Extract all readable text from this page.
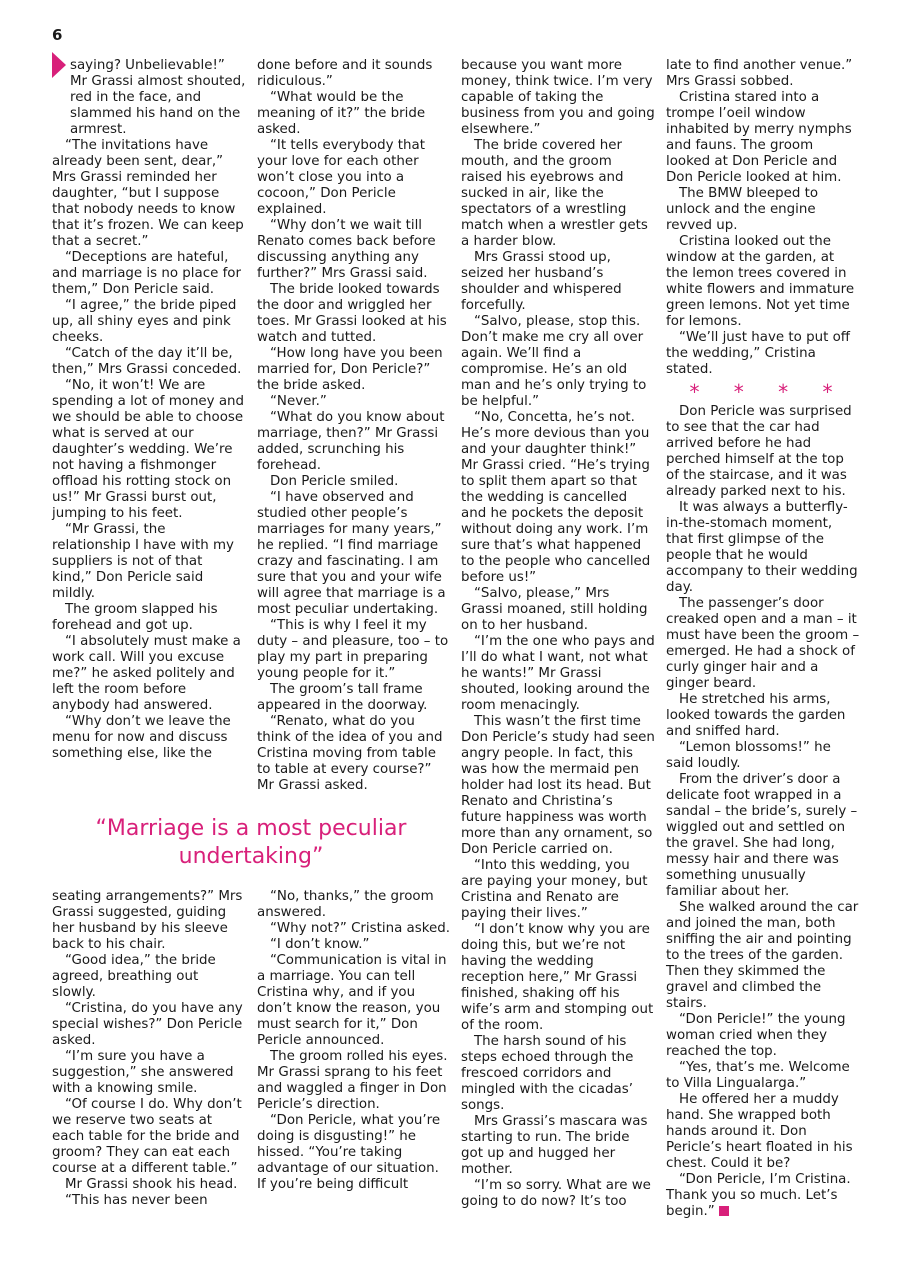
6

saying? Unbelievable!” Mr Grassi almost shouted, red in the face, and slammed his hand on the armrest.

“The invitations have already been sent, dear,” Mrs Grassi reminded her daughter, “but I suppose that nobody needs to know that it’s frozen. We can keep that a secret.”

“Deceptions are hateful, and marriage is no place for them,” Don Pericle said.

“I agree,” the bride piped up, all shiny eyes and pink cheeks.

“Catch of the day it’ll be, then,” Mrs Grassi conceded.

“No, it won’t! We are spending a lot of money and we should be able to choose what is served at our daughter’s wedding. We’re not having a fishmonger offload his rotting stock on us!” Mr Grassi burst out, jumping to his feet.

“Mr Grassi, the relationship I have with my suppliers is not of that kind,” Don Pericle said mildly.

The groom slapped his forehead and got up.

“I absolutely must make a work call. Will you excuse me?” he asked politely and left the room before anybody had answered.

“Why don’t we leave the menu for now and discuss something else, like the

done before and it sounds ridiculous.”

“What would be the meaning of it?” the bride asked.

“It tells everybody that your love for each other won’t close you into a cocoon,” Don Pericle explained.

“Why don’t we wait till Renato comes back before discussing anything any further?” Mrs Grassi said.

The bride looked towards the door and wriggled her toes. Mr Grassi looked at his watch and tutted.

“How long have you been married for, Don Pericle?” the bride asked.

“Never.”

“What do you know about marriage, then?” Mr Grassi added, scrunching his forehead.

Don Pericle smiled.

“I have observed and studied other people’s marriages for many years,” he replied. “I find marriage crazy and fascinating. I am sure that you and your wife will agree that marriage is a most peculiar undertaking.

“This is why I feel it my duty – and pleasure, too – to play my part in preparing young people for it.”

The groom’s tall frame appeared in the doorway.

“Renato, what do you think of the idea of you and Cristina moving from table to table at every course?” Mr Grassi asked.

“Marriage is a most peculiar undertaking”

seating arrangements?” Mrs Grassi suggested, guiding her husband by his sleeve back to his chair.

“Good idea,” the bride agreed, breathing out slowly.

“Cristina, do you have any special wishes?” Don Pericle asked.

“I’m sure you have a suggestion,” she answered with a knowing smile.

“Of course I do. Why don’t we reserve two seats at each table for the bride and groom? They can eat each course at a different table.”

Mr Grassi shook his head.

“This has never been

“No, thanks,” the groom answered.

“Why not?” Cristina asked.

“I don’t know.”

“Communication is vital in a marriage. You can tell Cristina why, and if you don’t know the reason, you must search for it,” Don Pericle announced.

The groom rolled his eyes. Mr Grassi sprang to his feet and waggled a finger in Don Pericle’s direction.

“Don Pericle, what you’re doing is disgusting!” he hissed. “You’re taking advantage of our situation. If you’re being difficult

because you want more money, think twice. I’m very capable of taking the business from you and going elsewhere.”

The bride covered her mouth, and the groom raised his eyebrows and sucked in air, like the spectators of a wrestling match when a wrestler gets a harder blow.

Mrs Grassi stood up, seized her husband’s shoulder and whispered forcefully.

“Salvo, please, stop this. Don’t make me cry all over again. We’ll find a compromise. He’s an old man and he’s only trying to be helpful.”

“No, Concetta, he’s not. He’s more devious than you and your daughter think!” Mr Grassi cried. “He’s trying to split them apart so that the wedding is cancelled and he pockets the deposit without doing any work. I’m sure that’s what happened to the people who cancelled before us!”

“Salvo, please,” Mrs Grassi moaned, still holding on to her husband.

“I’m the one who pays and I’ll do what I want, not what he wants!” Mr Grassi shouted, looking around the room menacingly.

This wasn’t the first time Don Pericle’s study had seen angry people. In fact, this was how the mermaid pen holder had lost its head. But Renato and Christina’s future happiness was worth more than any ornament, so Don Pericle carried on.

“Into this wedding, you are paying your money, but Cristina and Renato are paying their lives.”

“I don’t know why you are doing this, but we’re not having the wedding reception here,” Mr Grassi finished, shaking off his wife’s arm and stomping out of the room.

The harsh sound of his steps echoed through the frescoed corridors and mingled with the cicadas’ songs.

Mrs Grassi’s mascara was starting to run. The bride got up and hugged her mother.

“I’m so sorry. What are we going to do now? It’s too

late to find another venue.” Mrs Grassi sobbed.

Cristina stared into a trompe l’oeil window inhabited by merry nymphs and fauns. The groom looked at Don Pericle and Don Pericle looked at him.

The BMW bleeped to unlock and the engine revved up.

Cristina looked out the window at the garden, at the lemon trees covered in white flowers and immature green lemons. Not yet time for lemons.

“We’ll just have to put off the wedding,” Cristina stated.

* * * *

Don Pericle was surprised to see that the car had arrived before he had perched himself at the top of the staircase, and it was already parked next to his.

It was always a butterfly-in-the-stomach moment, that first glimpse of the people that he would accompany to their wedding day.

The passenger’s door creaked open and a man – it must have been the groom – emerged. He had a shock of curly ginger hair and a ginger beard.

He stretched his arms, looked towards the garden and sniffed hard.

“Lemon blossoms!” he said loudly.

From the driver’s door a delicate foot wrapped in a sandal – the bride’s, surely – wiggled out and settled on the gravel. She had long, messy hair and there was something unusually familiar about her.

She walked around the car and joined the man, both sniffing the air and pointing to the trees of the garden. Then they skimmed the gravel and climbed the stairs.

“Don Pericle!” the young woman cried when they reached the top.

“Yes, that’s me. Welcome to Villa Lingualarga.”

He offered her a muddy hand. She wrapped both hands around it. Don Pericle’s heart floated in his chest. Could it be?

“Don Pericle, I’m Cristina. Thank you so much. Let’s begin.”
